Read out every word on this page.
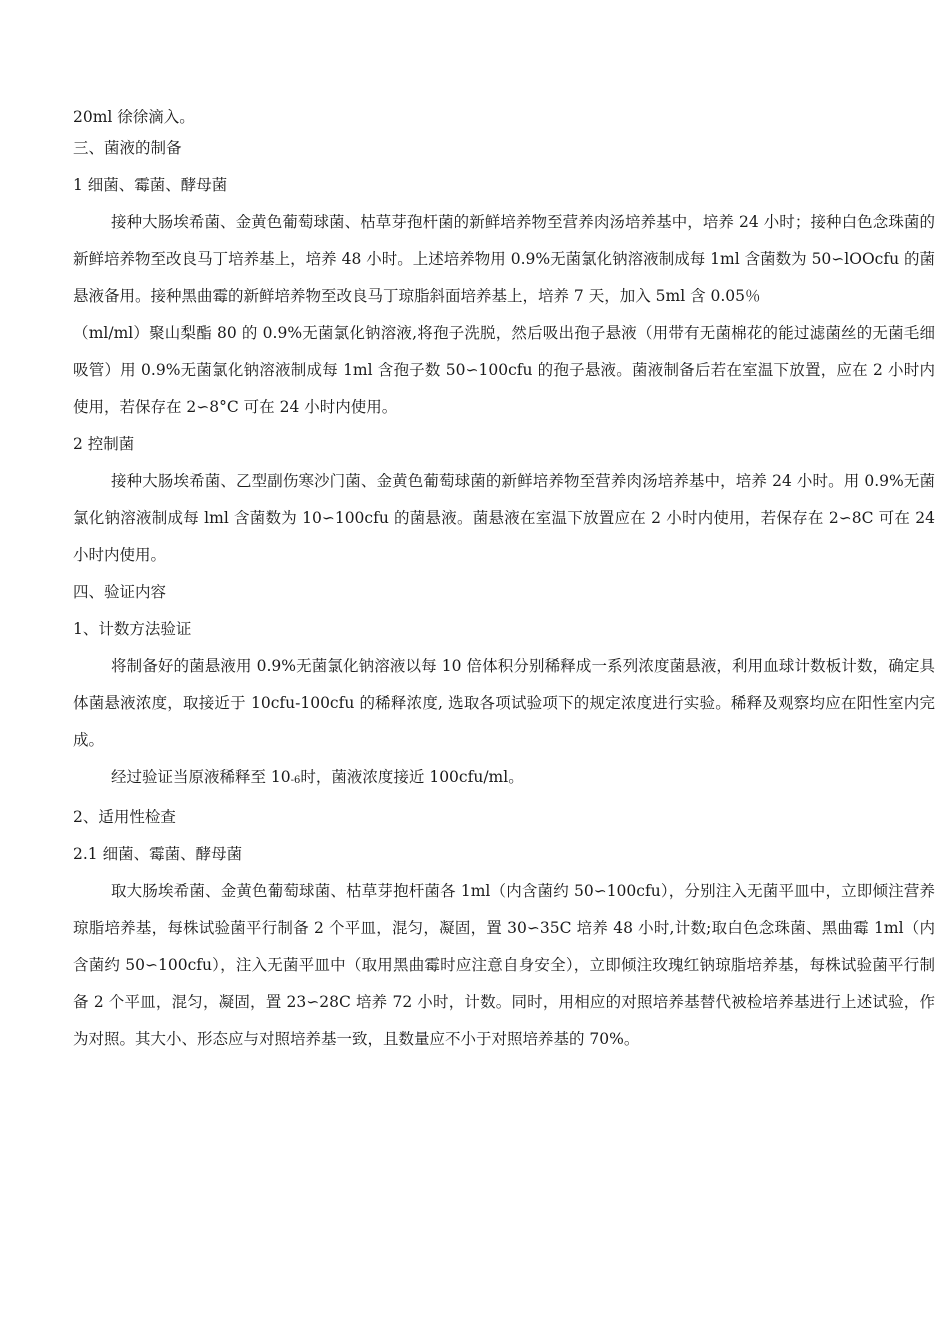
20ml 徐徐滴入。
三、菌液的制备
1 细菌、霉菌、酵母菌
接种大肠埃希菌、金黄色葡萄球菌、枯草芽孢杆菌的新鲜培养物至营养肉汤培养基中，培养 24 小时；接种白色念珠菌的新鲜培养物至改良马丁培养基上，培养 48 小时。上述培养物用 0.9%无菌氯化钠溶液制成每 1ml 含菌数为 50∽lOOcfu 的菌悬液备用。接种黑曲霉的新鲜培养物至改良马丁琼脂斜面培养基上，培养 7 天，加入 5ml 含 0.05％
（ml/ml）聚山梨酯 80 的 0.9%无菌氯化钠溶液,将孢子洗脱，然后吸出孢子悬液（用带有无菌棉花的能过滤菌丝的无菌毛细吸管）用 0.9%无菌氯化钠溶液制成每 1ml 含孢子数 50∽100cfu 的孢子悬液。菌液制备后若在室温下放置，应在 2 小时内使用，若保存在 2∽8°C 可在 24 小时内使用。
2 控制菌
接种大肠埃希菌、乙型副伤寒沙门菌、金黄色葡萄球菌的新鲜培养物至营养肉汤培养基中，培养 24 小时。用 0.9%无菌氯化钠溶液制成每 lml 含菌数为 10∽100cfu 的菌悬液。菌悬液在室温下放置应在 2 小时内使用，若保存在 2∽8C 可在 24 小时内使用。
四、验证内容
1、计数方法验证
将制备好的菌悬液用 0.9%无菌氯化钠溶液以每 10 倍体积分别稀释成一系列浓度菌悬液，利用血球计数板计数，确定具体菌悬液浓度，取接近于 10cfu-100cfu 的稀释浓度, 选取各项试验项下的规定浓度进行实验。稀释及观察均应在阳性室内完成。
经过验证当原液稀释至 $10_{-6}$时，菌液浓度接近 100cfu/ml。
2、适用性检查
2.1 细菌、霉菌、酵母菌
取大肠埃希菌、金黄色葡萄球菌、枯草芽抱杆菌各 1ml（内含菌约 50∽100cfu），分别注入无菌平皿中，立即倾注营养琼脂培养基，每株试验菌平行制备 2 个平皿，混匀，凝固，置 30∽35C 培养 48 小时,计数;取白色念珠菌、黑曲霉 1ml（内含菌约 50∽100cfu），注入无菌平皿中（取用黑曲霉时应注意自身安全），立即倾注玫瑰红钠琼脂培养基，每株试验菌平行制备 2 个平皿，混匀，凝固，置 23∽28C 培养 72 小时，计数。同时，用相应的对照培养基替代被检培养基进行上述试验，作为对照。其大小、形态应与对照培养基一致，且数量应不小于对照培养基的 70%。
